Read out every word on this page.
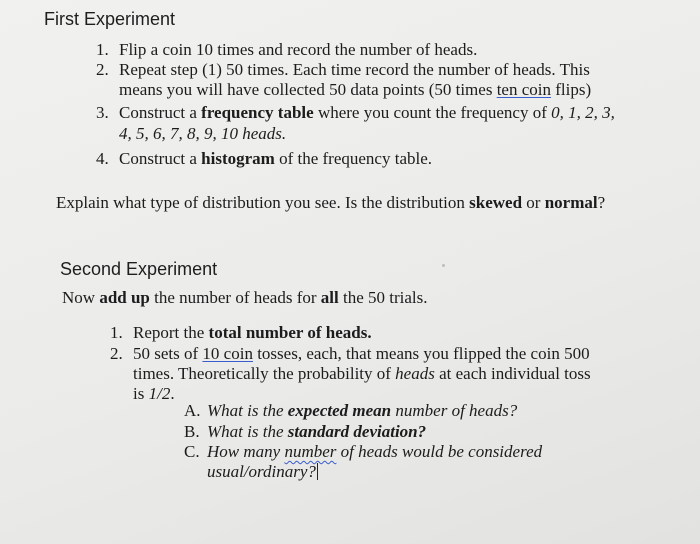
First Experiment
1. Flip a coin 10 times and record the number of heads.
2. Repeat step (1) 50 times. Each time record the number of heads. This
means you will have collected 50 data points (50 times ten coin flips)
3. Construct a frequency table where you count the frequency of 0, 1, 2, 3,
4, 5, 6, 7, 8, 9, 10 heads.
4. Construct a histogram of the frequency table.
Explain what type of distribution you see. Is the distribution skewed or normal?
Second Experiment
Now add up the number of heads for all the 50 trials.
1. Report the total number of heads.
2. 50 sets of 10 coin tosses, each, that means you flipped the coin 500
times. Theoretically the probability of heads at each individual toss
is 1/2.
A. What is the expected mean number of heads?
B. What is the standard deviation?
C. How many number of heads would be considered
usual/ordinary?
